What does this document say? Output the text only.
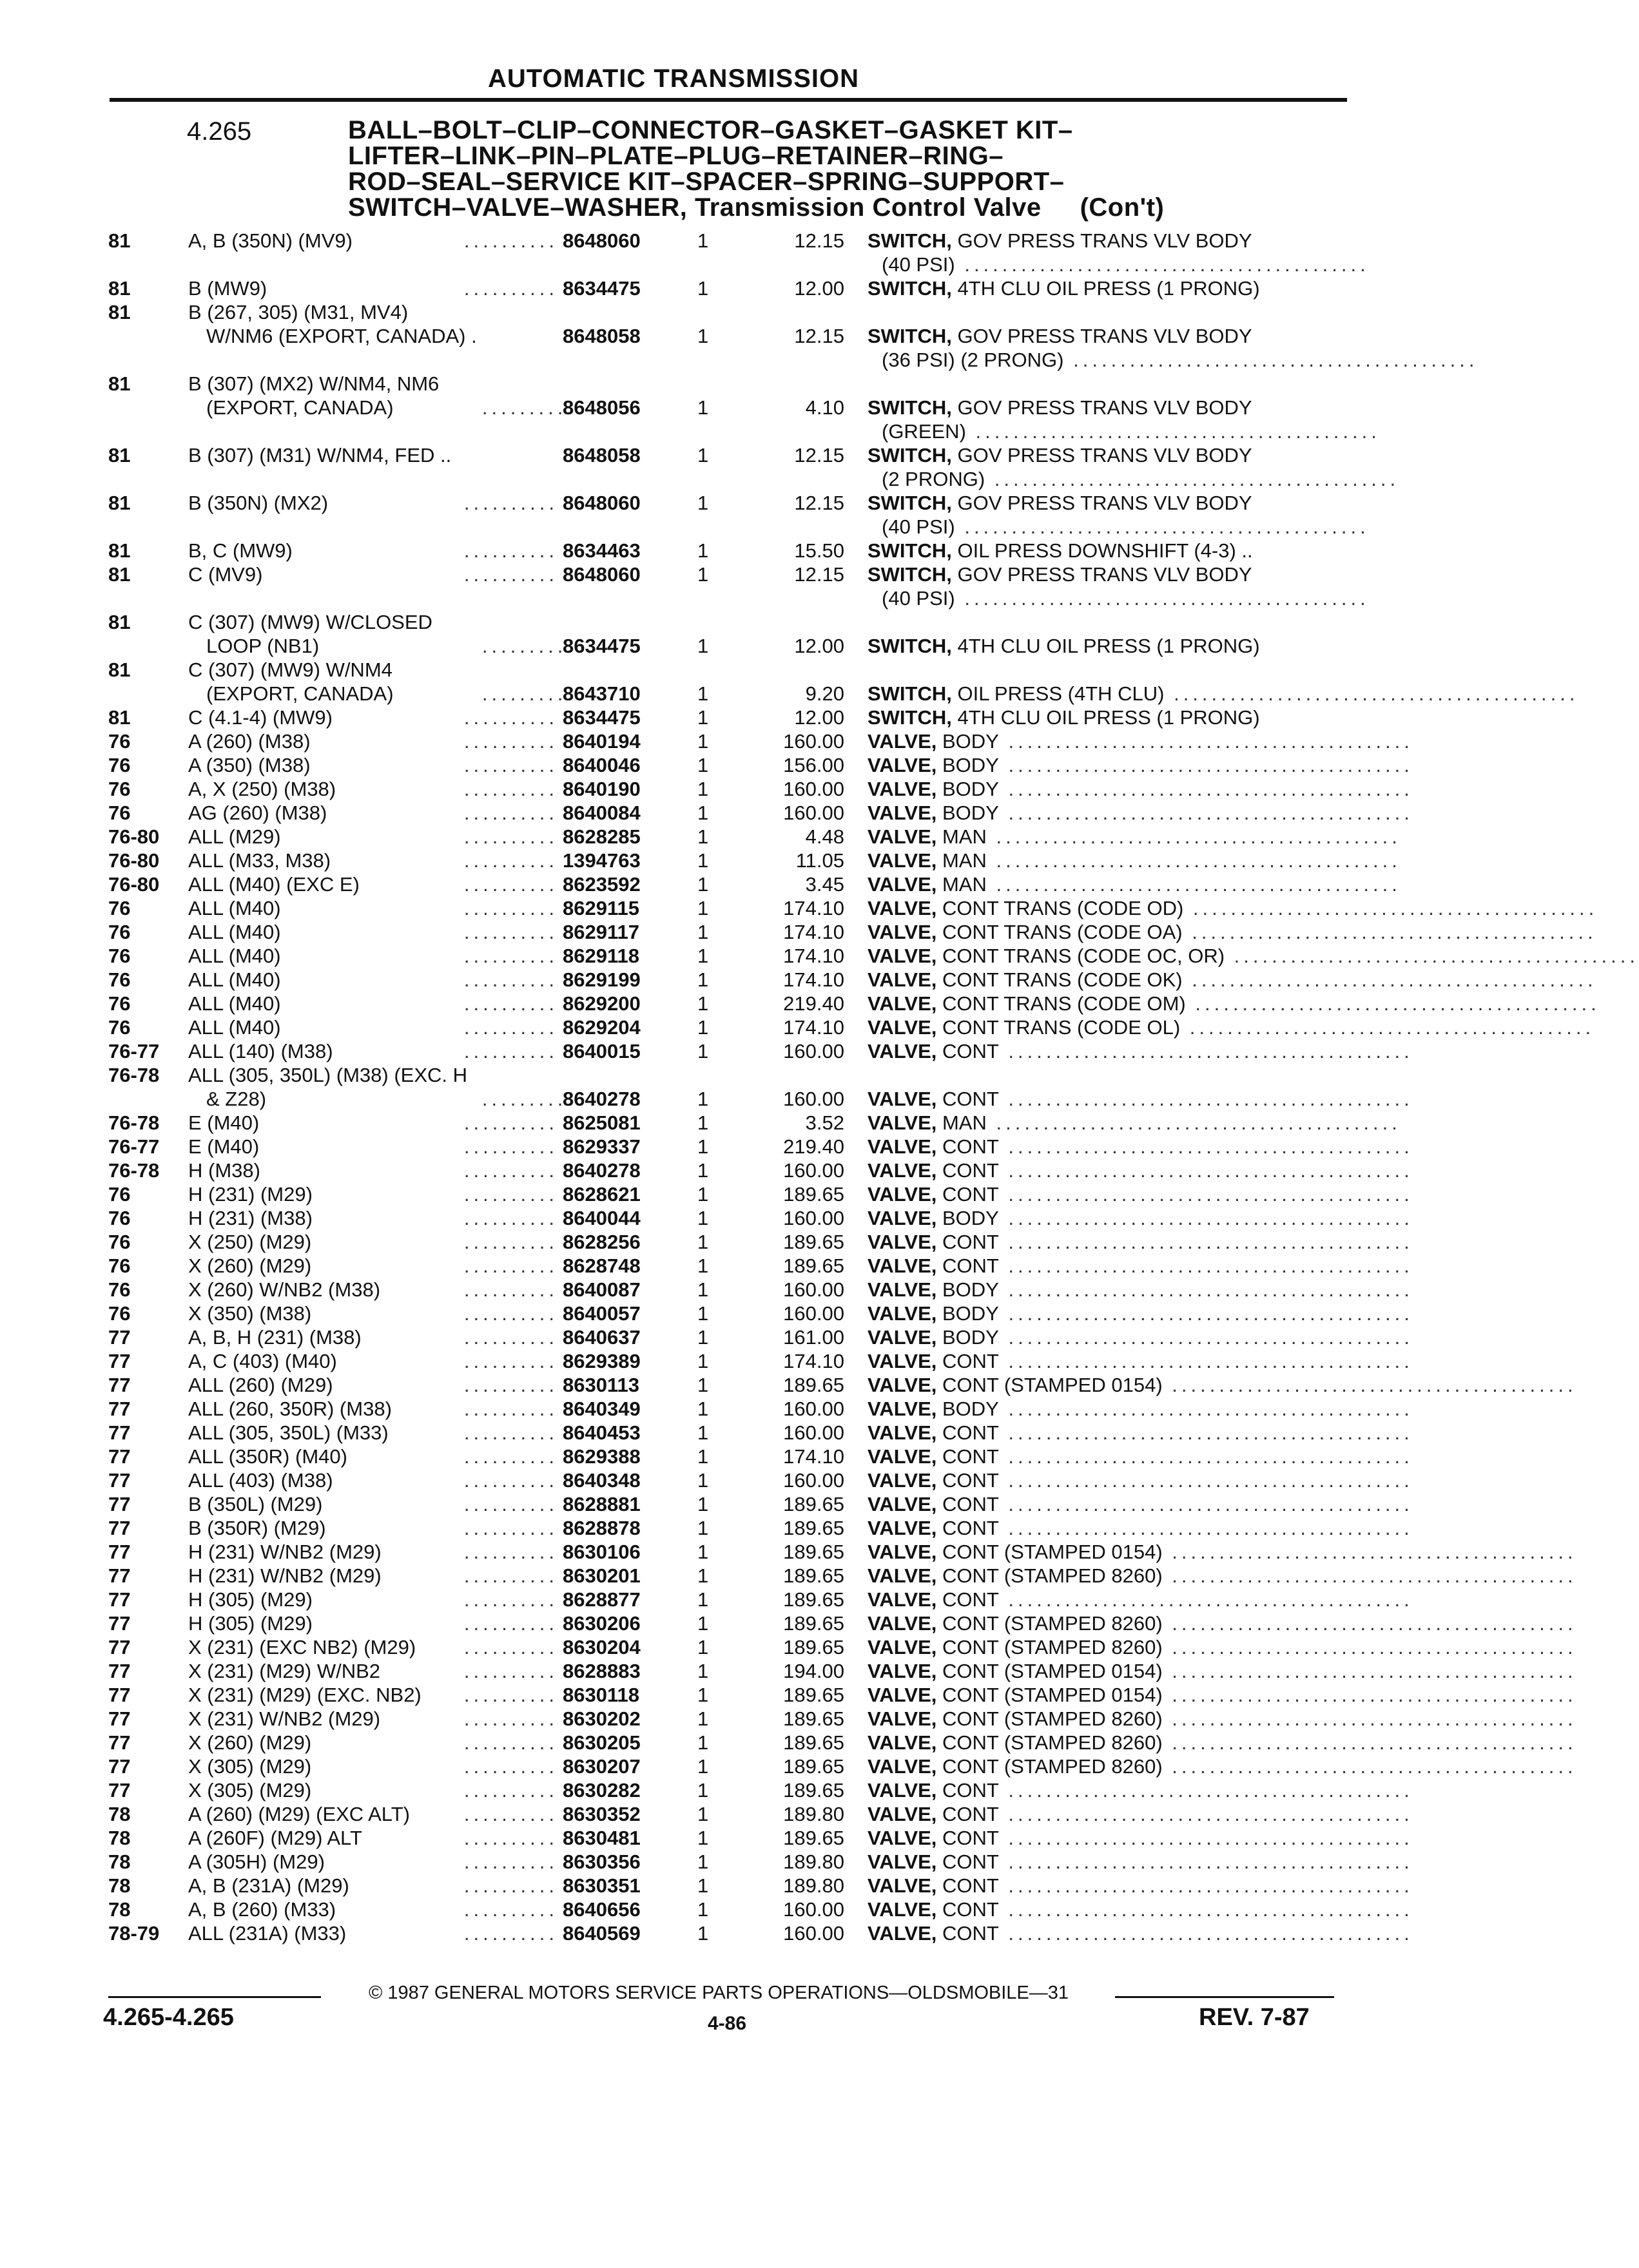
AUTOMATIC TRANSMISSION
4.265	BALL–BOLT–CLIP–CONNECTOR–GASKET–GASKET KIT–
LIFTER–LINK–PIN–PLATE–PLUG–RETAINER–RING–
ROD–SEAL–SERVICE KIT–SPACER–SPRING–SUPPORT–
SWITCH–VALVE–WASHER, Transmission Control Valve (Con't)
81	A, B (350N) (MV9)	.......... 8648060	1	12.15 SWITCH, GOV PRESS TRANS VLV BODY
(40 PSI) ...........................................
81	B (MW9)	.......... 8634475	1	12.00 SWITCH, 4TH CLU OIL PRESS (1 PRONG)
81	B (267, 305) (M31, MV4)
W/NM6 (EXPORT, CANADA) .	8648058	1	12.15 SWITCH, GOV PRESS TRANS VLV BODY
(36 PSI) (2 PRONG) ...........................................
81	B (307) (MX2) W/NM4, NM6
(EXPORT, CANADA)	..........
8648056	1	4.10 SWITCH, GOV PRESS TRANS VLV BODY
(GREEN) ...........................................
81	B (307) (M31) W/NM4, FED ..	8648058	1	12.15 SWITCH, GOV PRESS TRANS VLV BODY
(2 PRONG) ...........................................
81	B (350N) (MX2)	.......... 8648060	1	12.15 SWITCH, GOV PRESS TRANS VLV BODY
(40 PSI) ...........................................
81	B, C (MW9)	.......... 8634463	1	15.50 SWITCH, OIL PRESS DOWNSHIFT (4-3) ..
81	C (MV9)	.......... 8648060	1	12.15 SWITCH, GOV PRESS TRANS VLV BODY
(40 PSI) ...........................................
81	C (307) (MW9) W/CLOSED
LOOP (NB1)	..........
8634475	1	12.00 SWITCH, 4TH CLU OIL PRESS (1 PRONG)
81	C (307) (MW9) W/NM4
(EXPORT, CANADA)	..........
8643710	1	9.20 SWITCH, OIL PRESS (4TH CLU) ...........................................
81	C (4.1-4) (MW9)	.......... 8634475	1	12.00 SWITCH, 4TH CLU OIL PRESS (1 PRONG)
76	A (260) (M38)	.......... 8640194	1	160.00 VALVE, BODY ...........................................
76	A (350) (M38)	.......... 8640046	1	156.00 VALVE, BODY ...........................................
76	A, X (250) (M38)	.......... 8640190	1	160.00 VALVE, BODY ...........................................
76	AG (260) (M38)	.......... 8640084	1	160.00 VALVE, BODY ...........................................
76-80	ALL (M29)	.......... 8628285	1	4.48 VALVE, MAN ...........................................
76-80	ALL (M33, M38)	.......... 1394763	1	11.05 VALVE, MAN ...........................................
76-80	ALL (M40) (EXC E)	.......... 8623592	1	3.45 VALVE, MAN ...........................................
76	ALL (M40)	.......... 8629115	1	174.10 VALVE, CONT TRANS (CODE OD) ...........................................
76	ALL (M40)	.......... 8629117	1	174.10 VALVE, CONT TRANS (CODE OA) ...........................................
76	ALL (M40)	.......... 8629118	1	174.10 VALVE, CONT TRANS (CODE OC, OR) ...........................................
76	ALL (M40)	.......... 8629199	1	174.10 VALVE, CONT TRANS (CODE OK) ...........................................
76	ALL (M40)	.......... 8629200	1	219.40 VALVE, CONT TRANS (CODE OM) ...........................................
76	ALL (M40)	.......... 8629204	1	174.10 VALVE, CONT TRANS (CODE OL) ...........................................
76-77	ALL (140) (M38)	.......... 8640015	1	160.00 VALVE, CONT ...........................................
76-78	ALL (305, 350L) (M38) (EXC. H
& Z28)	..........
8640278	1	160.00 VALVE, CONT ...........................................
76-78	E (M40)	.......... 8625081	1	3.52 VALVE, MAN ...........................................
76-77	E (M40)	.......... 8629337	1	219.40 VALVE, CONT ...........................................
76-78	H (M38)	.......... 8640278	1	160.00 VALVE, CONT ...........................................
76	H (231) (M29)	.......... 8628621	1	189.65 VALVE, CONT ...........................................
76	H (231) (M38)	.......... 8640044	1	160.00 VALVE, BODY ...........................................
76	X (250) (M29)	.......... 8628256	1	189.65 VALVE, CONT ...........................................
76	X (260) (M29)	.......... 8628748	1	189.65 VALVE, CONT ...........................................
76	X (260) W/NB2 (M38)	.......... 8640087	1	160.00 VALVE, BODY ...........................................
76	X (350) (M38)	.......... 8640057	1	160.00 VALVE, BODY ...........................................
77	A, B, H (231) (M38)	.......... 8640637	1	161.00 VALVE, BODY ...........................................
77	A, C (403) (M40)	.......... 8629389	1	174.10 VALVE, CONT ...........................................
77	ALL (260) (M29)	.......... 8630113	1	189.65 VALVE, CONT (STAMPED 0154) ...........................................
77	ALL (260, 350R) (M38)	.......... 8640349	1	160.00 VALVE, BODY ...........................................
77	ALL (305, 350L) (M33)	.......... 8640453	1	160.00 VALVE, CONT ...........................................
77	ALL (350R) (M40)	.......... 8629388	1	174.10 VALVE, CONT ...........................................
77	ALL (403) (M38)	.......... 8640348	1	160.00 VALVE, CONT ...........................................
77	B (350L) (M29)	.......... 8628881	1	189.65 VALVE, CONT ...........................................
77	B (350R) (M29)	.......... 8628878	1	189.65 VALVE, CONT ...........................................
77	H (231) W/NB2 (M29)	.......... 8630106	1	189.65 VALVE, CONT (STAMPED 0154) ...........................................
77	H (231) W/NB2 (M29)	.......... 8630201	1	189.65 VALVE, CONT (STAMPED 8260) ...........................................
77	H (305) (M29)	.......... 8628877	1	189.65 VALVE, CONT ...........................................
77	H (305) (M29)	.......... 8630206	1	189.65 VALVE, CONT (STAMPED 8260) ...........................................
77	X (231) (EXC NB2) (M29) .......... 8630204	1	189.65 VALVE, CONT (STAMPED 8260) ...........................................
77	X (231) (M29) W/NB2	.......... 8628883	1	194.00 VALVE, CONT (STAMPED 0154) ...........................................
77	X (231) (M29) (EXC. NB2) .......... 8630118	1	189.65 VALVE, CONT (STAMPED 0154) ...........................................
77	X (231) W/NB2 (M29)	.......... 8630202	1	189.65 VALVE, CONT (STAMPED 8260) ...........................................
77	X (260) (M29)	.......... 8630205	1	189.65 VALVE, CONT (STAMPED 8260) ...........................................
77	X (305) (M29)	.......... 8630207	1	189.65 VALVE, CONT (STAMPED 8260) ...........................................
77	X (305) (M29)	.......... 8630282	1	189.65 VALVE, CONT ...........................................
78	A (260) (M29) (EXC ALT)	.......... 8630352	1	189.80 VALVE, CONT ...........................................
78	A (260F) (M29) ALT	.......... 8630481	1	189.65 VALVE, CONT ...........................................
78	A (305H) (M29)	.......... 8630356	1	189.80 VALVE, CONT ...........................................
78	A, B (231A) (M29)	.......... 8630351	1	189.80 VALVE, CONT ...........................................
78	A, B (260) (M33)	.......... 8640656	1	160.00 VALVE, CONT ...........................................
78-79	ALL (231A) (M33)	.......... 8640569	1	160.00 VALVE, CONT ...........................................
© 1987 GENERAL MOTORS SERVICE PARTS OPERATIONS—OLDSMOBILE—31
4.265-4.265	4-86	REV. 7-87
